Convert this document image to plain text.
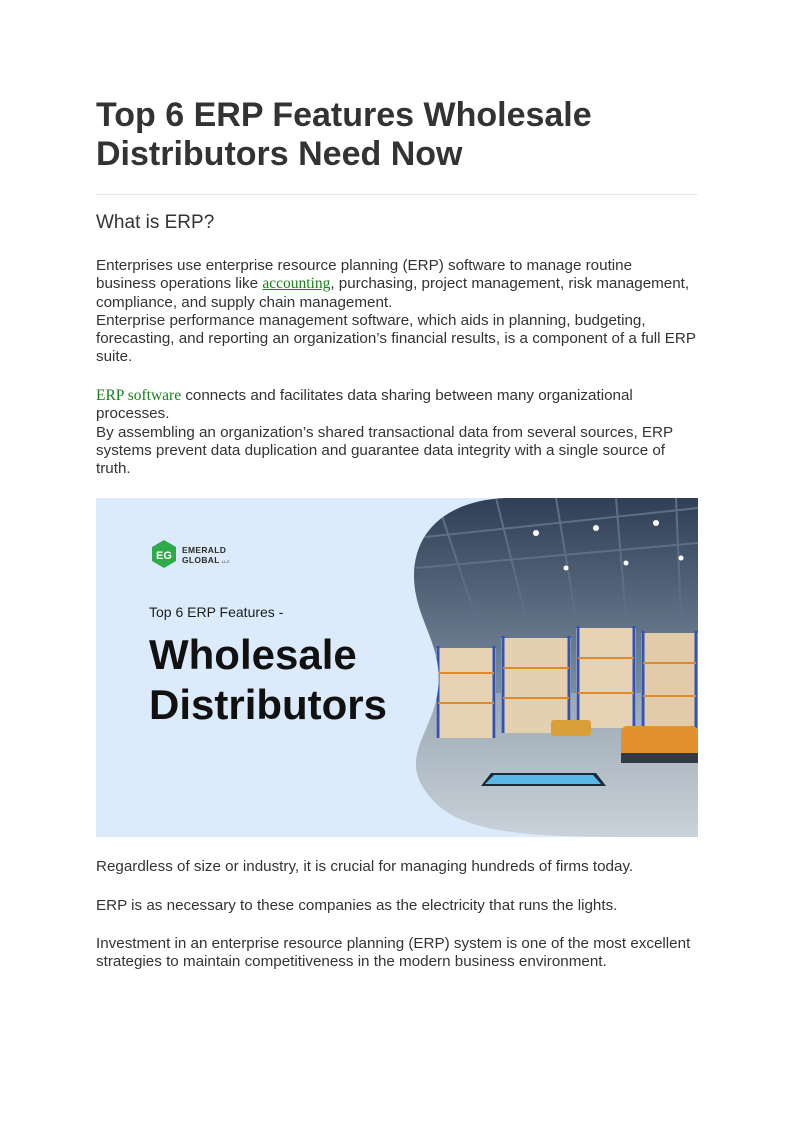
Top 6 ERP Features Wholesale Distributors Need Now
What is ERP?
Enterprises use enterprise resource planning (ERP) software to manage routine business operations like accounting, purchasing, project management, risk management, compliance, and supply chain management.
Enterprise performance management software, which aids in planning, budgeting, forecasting, and reporting an organization’s financial results, is a component of a full ERP suite.
ERP software connects and facilitates data sharing between many organizational processes.
By assembling an organization’s shared transactional data from several sources, ERP systems prevent data duplication and guarantee data integrity with a single source of truth.
EG EMERALD
GLOBAL LLC
Top 6 ERP Features -
Wholesale
Distributors

Regardless of size or industry, it is crucial for managing hundreds of firms today.

ERP is as necessary to these companies as the electricity that runs the lights.

Investment in an enterprise resource planning (ERP) system is one of the most excellent strategies to maintain competitiveness in the modern business environment.
